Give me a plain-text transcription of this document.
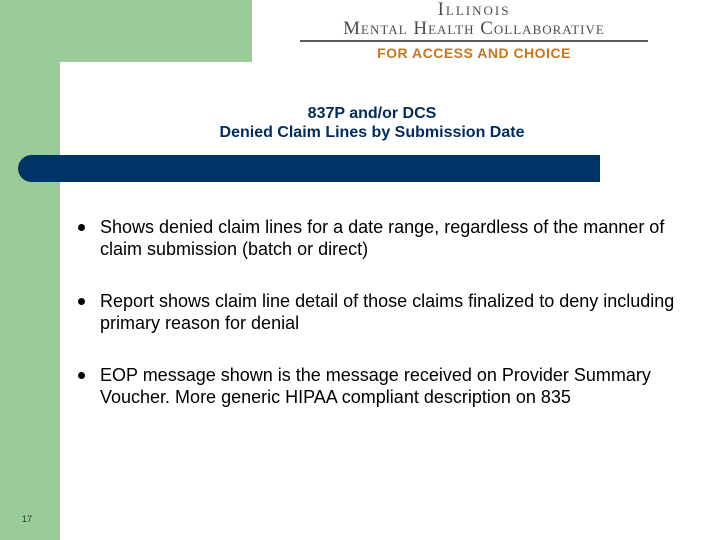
Illinois
Mental Health Collaborative
FOR ACCESS AND CHOICE
837P and/or DCS
Denied Claim Lines by Submission Date
Shows denied claim lines for a date range, regardless of the manner of claim submission (batch or direct)
Report shows claim line detail of those claims finalized to deny including primary reason for denial
EOP message shown is the message received on Provider Summary Voucher. More generic HIPAA compliant description on 835
17
